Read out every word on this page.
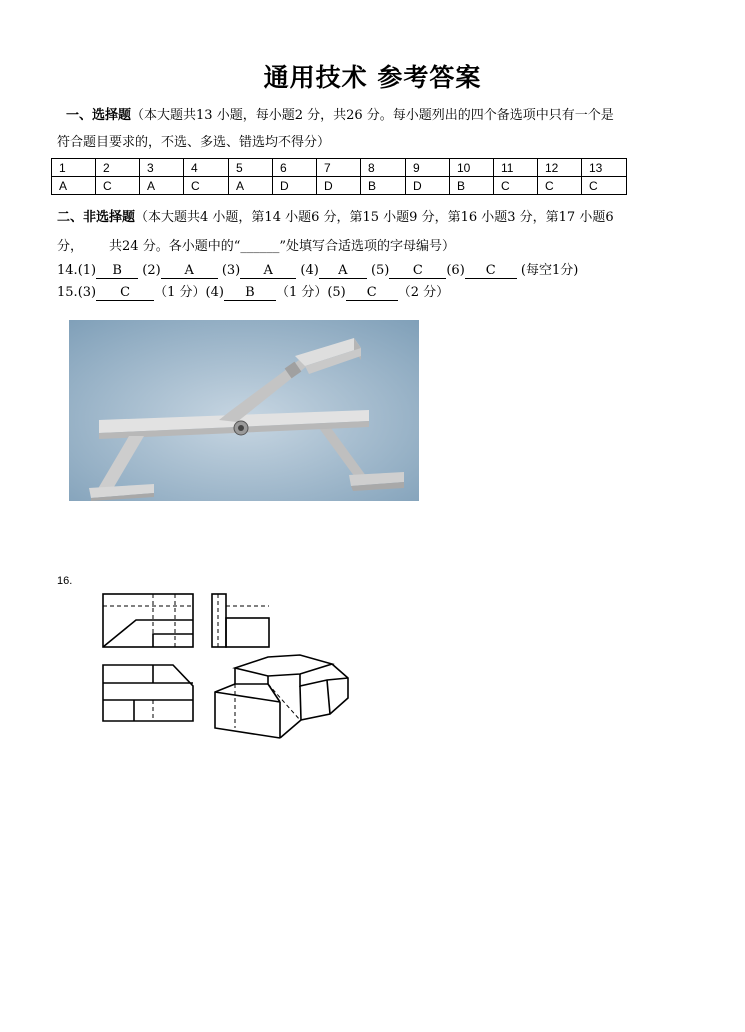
通用技术 参考答案
一、选择题（本大题共13 小题，每小题2 分，共26 分。每小题列出的四个备选项中只有一个是
符合题目要求的，不选、多选、错选均不得分）
1	2	3	4	5	6	7	8	9	10	11	12	13
A	C	A	C	A	D	D	B	D	B	C	C	C
二、非选择题（本大题共4 小题，第14 小题6 分，第15 小题9 分，第16 小题3 分，第17 小题6
分， 共24 分。各小题中的“______”处填写合适选项的字母编号）
14.(1) B (2) A (3) A (4) A (5) C (6) C (每空1分)
15.(3) C （1 分）(4) B （1 分）(5) C （2 分）
16.
